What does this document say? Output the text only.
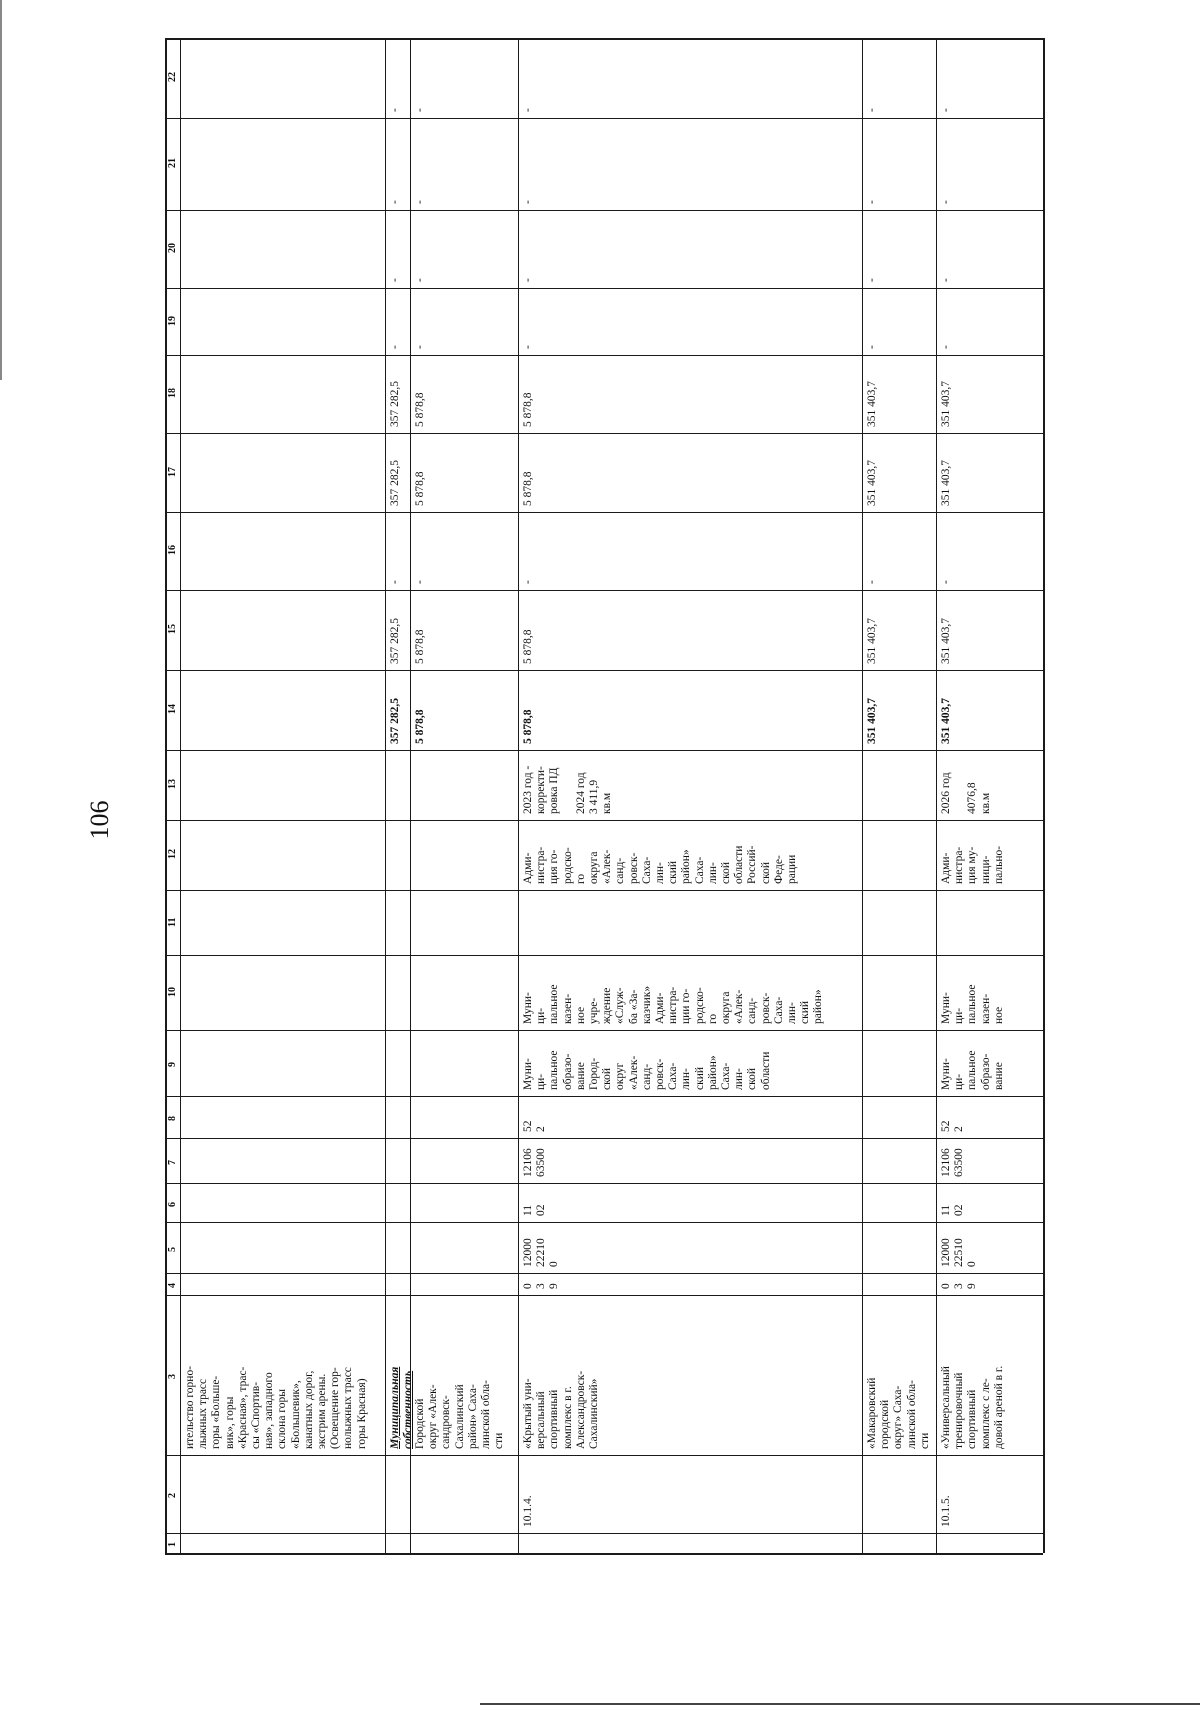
106
1
2
3
4
5
6
7
8
9
10
11
12
13
14
15
16
17
18
19
20
21
22
ительство горно-
лыжных трасс
горы «Больше-
вик», горы
«Красная», трас-
сы «Спортив-
ная», западного
склона горы
«Большевик»,
канатных дорог,
экстрим арены.
(Освещение гор-
нолыжных трасс
горы Красная) Муниципальная
собственность
357 282,5
357 282,5
-
357 282,5
357 282,5
-
-
-
-
Городской
округ «Алек-
сандровск-
Сахалинский
район» Саха-
линской обла-
сти
5 878,8
5 878,8
-
5 878,8
5 878,8
-
-
-
-
10.1.4.
«Крытый уни-
версальный
спортивный
комплекс в г.
Александровск-
Сахалинский»
0
3
9
12000
22210
0
11
02
12106
63500
52
2
Муни-
ци-
пальное
образо-
вание
Город-
ской
округ
«Алек-
санд-
ровск-
Саха-
лин-
ский
район»
Саха-
лин-
ской
области
Муни-
ци-
пальное
казен-
ное
учре-
ждение
«Служ-
ба «За-
казчик»
Адми-
нистра-
ции го-
родско-
го
округа
«Алек-
санд-
ровск-
Саха-
лин-
ский
район»
Адми-
нистра-
ция го-
родско-
го
округа
«Алек-
санд-
ровск-
Саха-
лин-
ский
район»
Саха-
лин-
ской
области
Россий-
ской
Феде-
рации
2023 год -
корректи-
ровка ПД

2024 год
3 411,9
кв.м
5 878,8
5 878,8
-
5 878,8
5 878,8
-
-
-
-
«Макаровский
городской
округ» Саха-
линской обла-
сти
351 403,7
351 403,7
-
351 403,7
351 403,7
-
-
-
-
10.1.5.
«Универсальный
тренировочный
спортивный
комплекс с ле-
довой ареной в г.
0
3
9
12000
22510
0
11
02
12106
63500
52
2
Муни-
ци-
пальное
образо-
вание
Муни-
ци-
пальное
казен-
ное
Адми-
нистра-
ция му-
ници-
пально-
2026 год

4076,8
кв.м
351 403,7
351 403,7
-
351 403,7
351 403,7
-
-
-
-
